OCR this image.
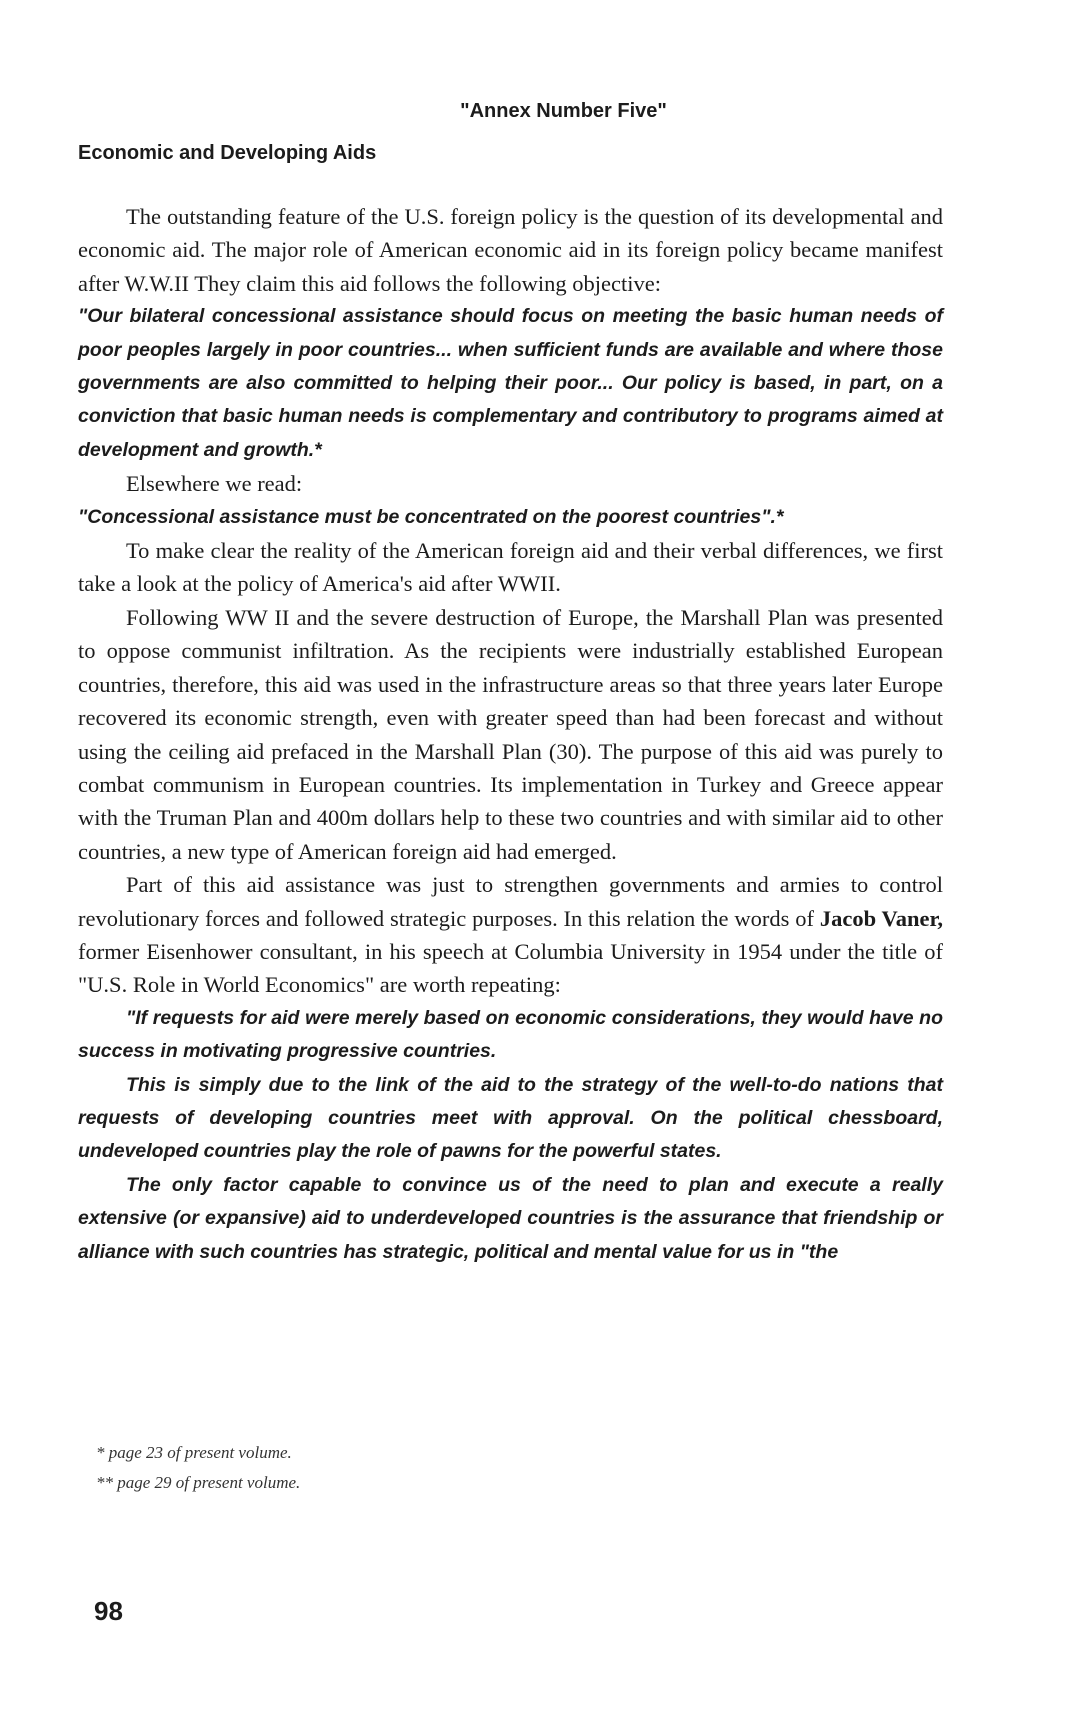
"Annex Number Five"
Economic and Developing Aids

The outstanding feature of the U.S. foreign policy is the question of its developmental and economic aid. The major role of American economic aid in its foreign policy became manifest after W.W.II They claim this aid follows the following objective:

"Our bilateral concessional assistance should focus on meeting the basic human needs of poor peoples largely in poor countries... when sufficient funds are available and where those governments are also committed to helping their poor... Our policy is based, in part, on a conviction that basic human needs is complementary and contributory to programs aimed at development and growth.*

Elsewhere we read:

"Concessional assistance must be concentrated on the poorest countries".*

To make clear the reality of the American foreign aid and their verbal differences, we first take a look at the policy of America's aid after WWII.

Following WW II and the severe destruction of Europe, the Marshall Plan was presented to oppose communist infiltration. As the recipients were industrially established European countries, therefore, this aid was used in the infrastructure areas so that three years later Europe recovered its economic strength, even with greater speed than had been forecast and without using the ceiling aid prefaced in the Marshall Plan (30). The purpose of this aid was purely to combat communism in European countries. Its implementation in Turkey and Greece appear with the Truman Plan and 400m dollars help to these two countries and with similar aid to other countries, a new type of American foreign aid had emerged.

Part of this aid assistance was just to strengthen governments and armies to control revolutionary forces and followed strategic purposes. In this relation the words of Jacob Vaner, former Eisenhower consultant, in his speech at Columbia University in 1954 under the title of "U.S. Role in World Economics" are worth repeating:

"If requests for aid were merely based on economic considerations, they would have no success in motivating progressive countries.

This is simply due to the link of the aid to the strategy of the well-to-do nations that requests of developing countries meet with approval. On the political chessboard, undeveloped countries play the role of pawns for the powerful states.

The only factor capable to convince us of the need to plan and execute a really extensive (or expansive) aid to underdeveloped countries is the assurance that friendship or alliance with such countries has strategic, political and mental value for us in "the

* page 23 of present volume.
** page 29 of present volume.
98
